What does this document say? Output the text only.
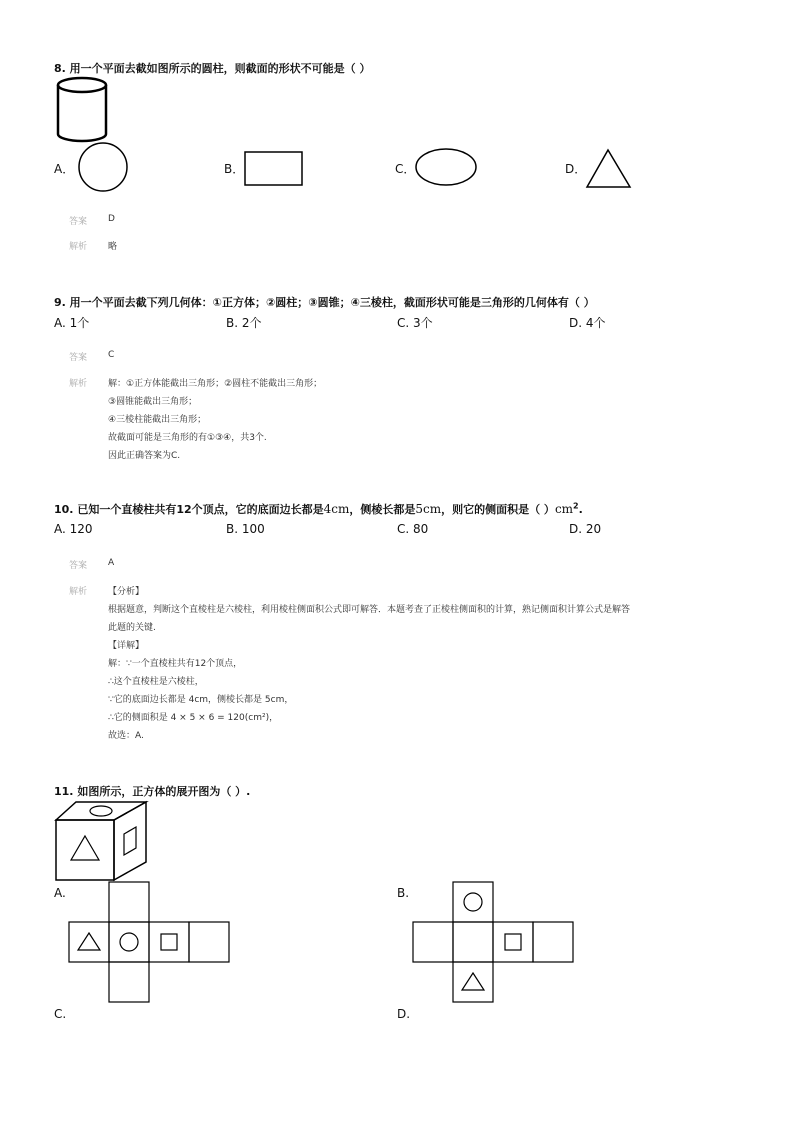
8. 用一个平面去截如图所示的圆柱，则截面的形状不可能是（ ）
A．	B．	C．	D．
答案 D
解析 略
9. 用一个平面去截下列几何体：①正方体；②圆柱；③圆锥；④三棱柱，截面形状可能是三角形的几何体有（ ）
A. 1个	B. 2个	C. 3个	D. 4个
答案 C
解析 解：①正方体能截出三角形；②圆柱不能截出三角形；
③圆锥能截出三角形；
④三棱柱能截出三角形；
故截面可能是三角形的有①③④，共3个.
因此正确答案为C.
10. 已知一个直棱柱共有12个顶点，它的底面边长都是4cm，侧棱长都是5cm，则它的侧面积是（ ）$cm^2$.
A. 120	B. 100	C. 80	D. 20
答案 A
解析 【分析】
根据题意，判断这个直棱柱是六棱柱，利用棱柱侧面积公式即可解答．本题考查了正棱柱侧面积的计算，熟记侧面积计算公式是解答
此题的关键.
【详解】
解：∵一个直棱柱共有12个顶点，
∴这个直棱柱是六棱柱，
∵它的底面边长都是 4cm，侧棱长都是 5cm，
∴它的侧面积是 4 × 5 × 6 = 120(cm²)，
故选：A.
11. 如图所示，正方体的展开图为（ ）.
A.	B.
C.	D.
